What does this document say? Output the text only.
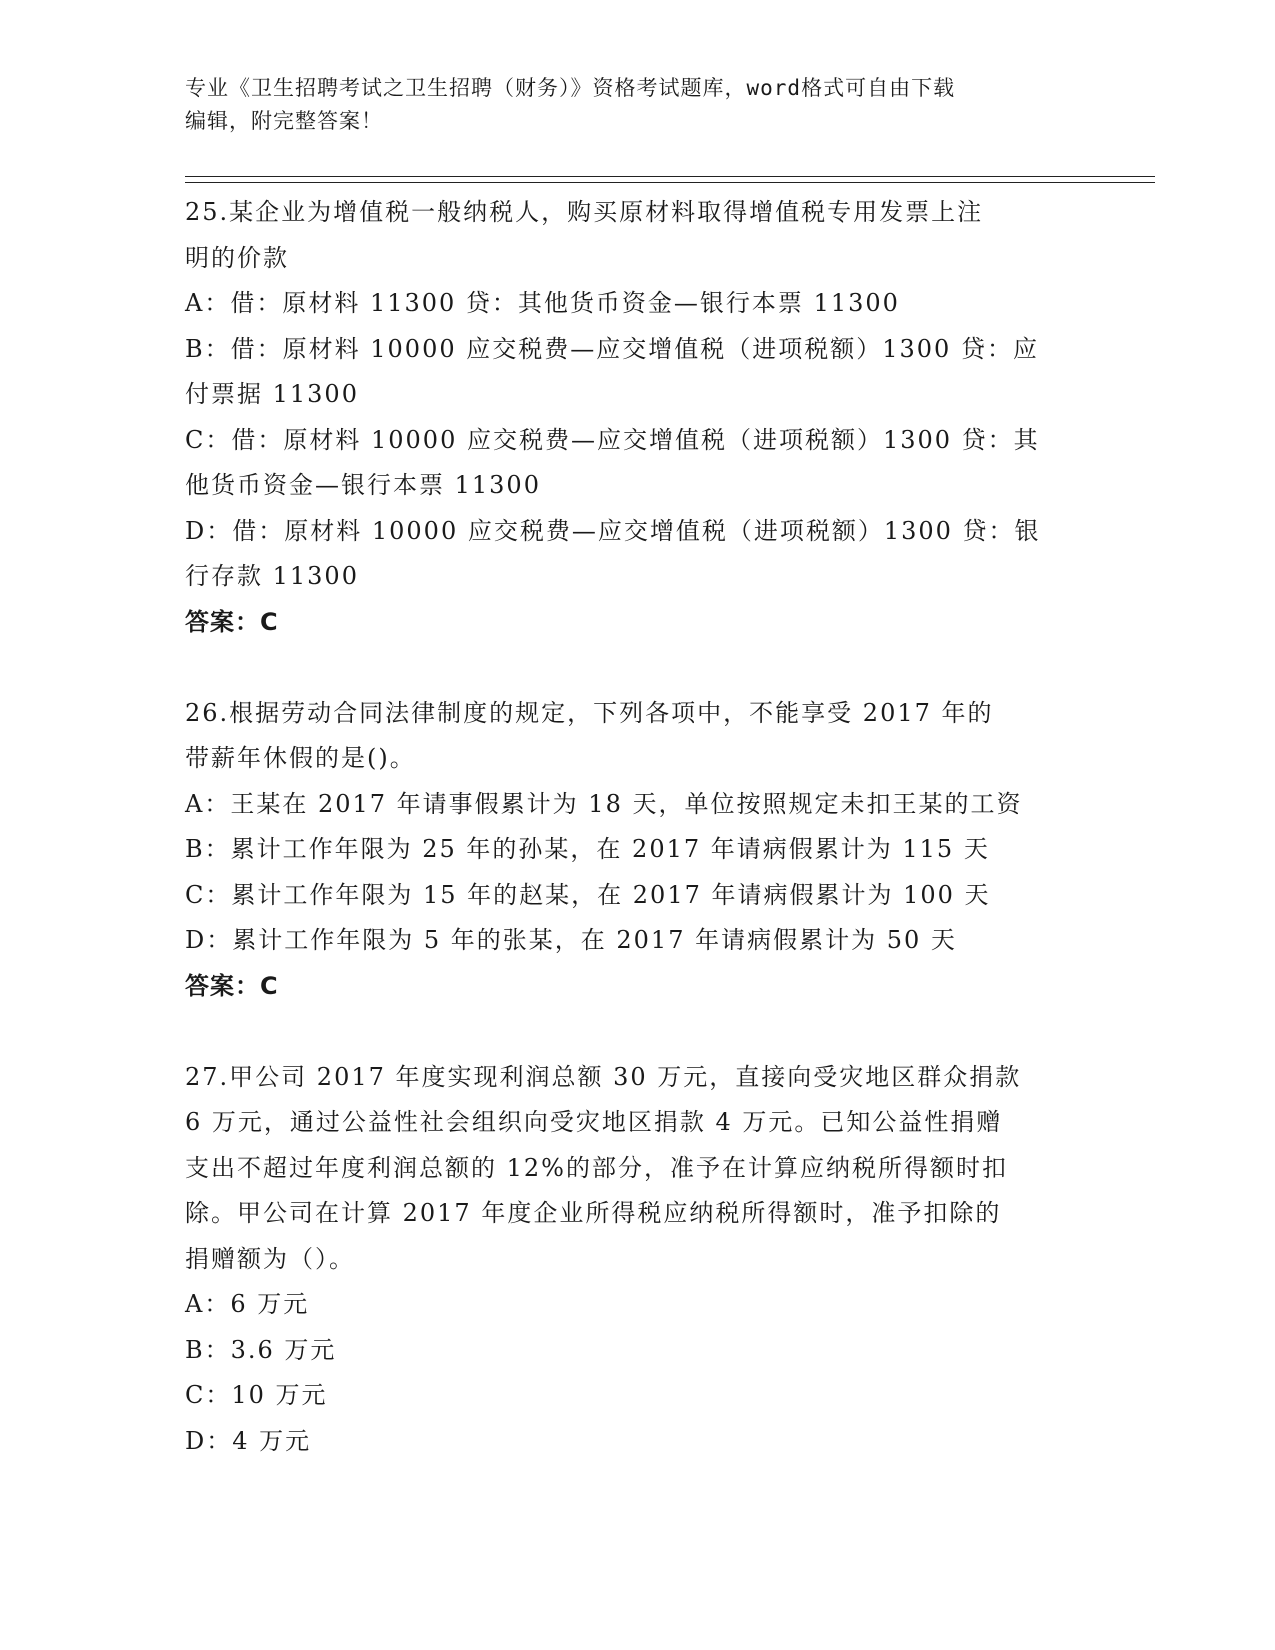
专业《卫生招聘考试之卫生招聘（财务）》资格考试题库，word格式可自由下载
编辑，附完整答案！
25.某企业为增值税一般纳税人，购买原材料取得增值税专用发票上注
明的价款
A：借：原材料 11300 贷：其他货币资金—银行本票 11300
B：借：原材料 10000 应交税费—应交增值税（进项税额）1300 贷：应
付票据 11300
C：借：原材料 10000 应交税费—应交增值税（进项税额）1300 贷：其
他货币资金—银行本票 11300
D：借：原材料 10000 应交税费—应交增值税（进项税额）1300 贷：银
行存款 11300
答案：C
26.根据劳动合同法律制度的规定，下列各项中，不能享受 2017 年的
带薪年休假的是()。
A：王某在 2017 年请事假累计为 18 天，单位按照规定未扣王某的工资
B：累计工作年限为 25 年的孙某，在 2017 年请病假累计为 115 天
C：累计工作年限为 15 年的赵某，在 2017 年请病假累计为 100 天
D：累计工作年限为 5 年的张某，在 2017 年请病假累计为 50 天
答案：C
27.甲公司 2017 年度实现利润总额 30 万元，直接向受灾地区群众捐款
6 万元，通过公益性社会组织向受灾地区捐款 4 万元。已知公益性捐赠
支出不超过年度利润总额的 12%的部分，准予在计算应纳税所得额时扣
除。甲公司在计算 2017 年度企业所得税应纳税所得额时，准予扣除的
捐赠额为（）。
A：6 万元
B：3.6 万元
C：10 万元
D：4 万元
